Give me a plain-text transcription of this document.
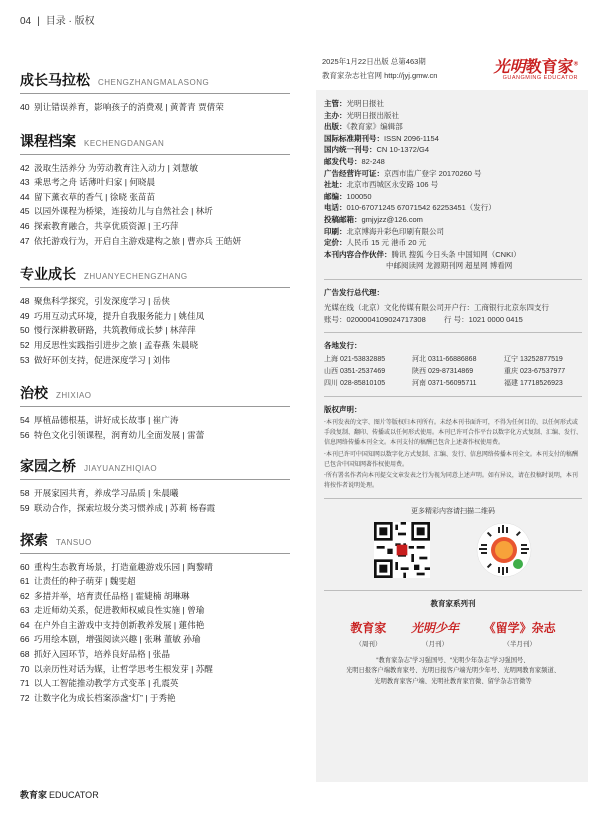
04 | 目录 · 版权
教育家 EDUCATOR
成长马拉松 CHENGZHANGMALASONG
40 别让错误养育，影响孩子的消费观 | 黄菁青 贾倩荣
课程档案 KECHENGDANGAN
42 汲取生活养分 为劳动教育注入动力 | 刘慧敏
43 乘思考之舟 话薄叶归家 | 何晓晨
44 留下薰衣草的香气 | 徐晓 张苗苗
45 以园外课程为桥梁，连接幼儿与自然社会 | 林圻
46 探索教育融合，共享优质资源 | 王巧萍
47 依托游戏行为，开启自主游戏建构之旅 | 曹亦兵 王皓妍
专业成长 ZHUANYECHENGZHANG
48 聚焦科学探究，引发深度学习 | 岳侠
49 巧用互动式环境，提升自我服务能力 | 姚佳凤
50 慢行深耕教研路，共筑教师成长梦 | 林萍萍
52 用反思性实践指引进步之旅 | 孟春燕 朱晨晓
53 做好环创支持，促进深度学习 | 刘伟
治校 ZHIXIAO
54 厚植品德根基，讲好成长故事 | 崔广涛
56 特色文化引领课程，润育幼儿全面发展 | 雷蕾
家园之桥 JIAYUANZHIQIAO
58 开展家园共育，养成学习品质 | 朱晨曦
59 联动合作，探索垃圾分类习惯养成 | 苏莉 杨春霞
探索 TANSUO
60 重构生态教育场景，打造童趣游戏乐园 | 陶黎晴
61 让责任的种子萌芽 | 魏雯超
62 多措并举，培育责任品格 | 霍婕楠 胡琳琳
63 走近师幼关系，促进教师权威良性实施 | 曾瑜
64 在户外自主游戏中支持创新教养发展 | 蓮伟艳
66 巧用绘本剧，增强阅读兴趣 | 张琳 董敏 孙瑜
68 抓好入园环节，培养良好品格 | 张晶
70 以亲历性对话为媒，让哲学思考生根发芽 | 苏醒
71 以人工智能推动教学方式变革 | 孔震英
72 让数字化为成长档案添盏“灯” | 于秀艳
2025年1月22日出版 总第463期
教育家杂志社官网 http://jyj.gmw.cn	光明教育家®
GUANGMING EDUCATOR
主管：光明日报社
主办：光明日报出版社
出版：《教育家》编辑部
国际标准期刊号：ISSN 2096-1154
国内统一刊号：CN 10-1372/G4
邮发代号：82-248
广告经营许可证：京西市监广登字 20170260 号
社址：北京市西城区永安路 106 号
邮编：100050
电话：010-67071245 67071542 62253451（发行）
投稿邮箱：gmjyjzz@126.com
印刷：北京博海升彩色印刷有限公司
定价：人民币 15 元 港币 20 元
本刊内容合作伙伴：腾讯 搜狐 今日头条 中国知网（CNKI）
中邮阅读网 龙源期刊网 超星网 博看网
广告发行总代理：
光媒在线（北京）文化传媒有限公司 开户行：工商银行北京东四支行
账号：0200004109024717308	行 号：1021 0000 0415
各地发行：
上海 021-53832885	河北 0311-66886868	辽宁 13252877519
山西 0351-2537469	陕西 029-87314869	重庆 023-67537977
四川 028-85810105	河南 0371-56095711	福建 17718526923
版权声明：

·本刊发表的文字、图片等版权归本刊所有。未经本刊书面许可，不得为任何目的、以任何形式或手段复制、翻印、传播或以任何形式使用。本刊已许可合作平台以数字化方式复制、汇编、发行、信息网络传播本刊全文。本刊支付的稿酬已包含上述著作权使用费。

·本刊已许可中国知网以数字化方式复制、汇编、发行、信息网络传播本刊全文。本刊支付的稿酬已包含中国知网著作权使用费。

·所有署名作者向本刊提交文章发表之行为视为同意上述声明。如有异议，请在投稿时说明，本刊将按作者说明处理。

更多精彩内容请扫描二维码
教育家系列刊
教育家
（周刊）
光明少年
（月刊）
《留学》杂志
（半月刊）
“教育家杂志”学习强国号、“光明少年杂志”学习强国号、
光明日报客户端教育家号、光明日报客户端光明少年号、光明网教育家频道、
光明教育家客户端、光明社教育家官微、留学杂志官微等
